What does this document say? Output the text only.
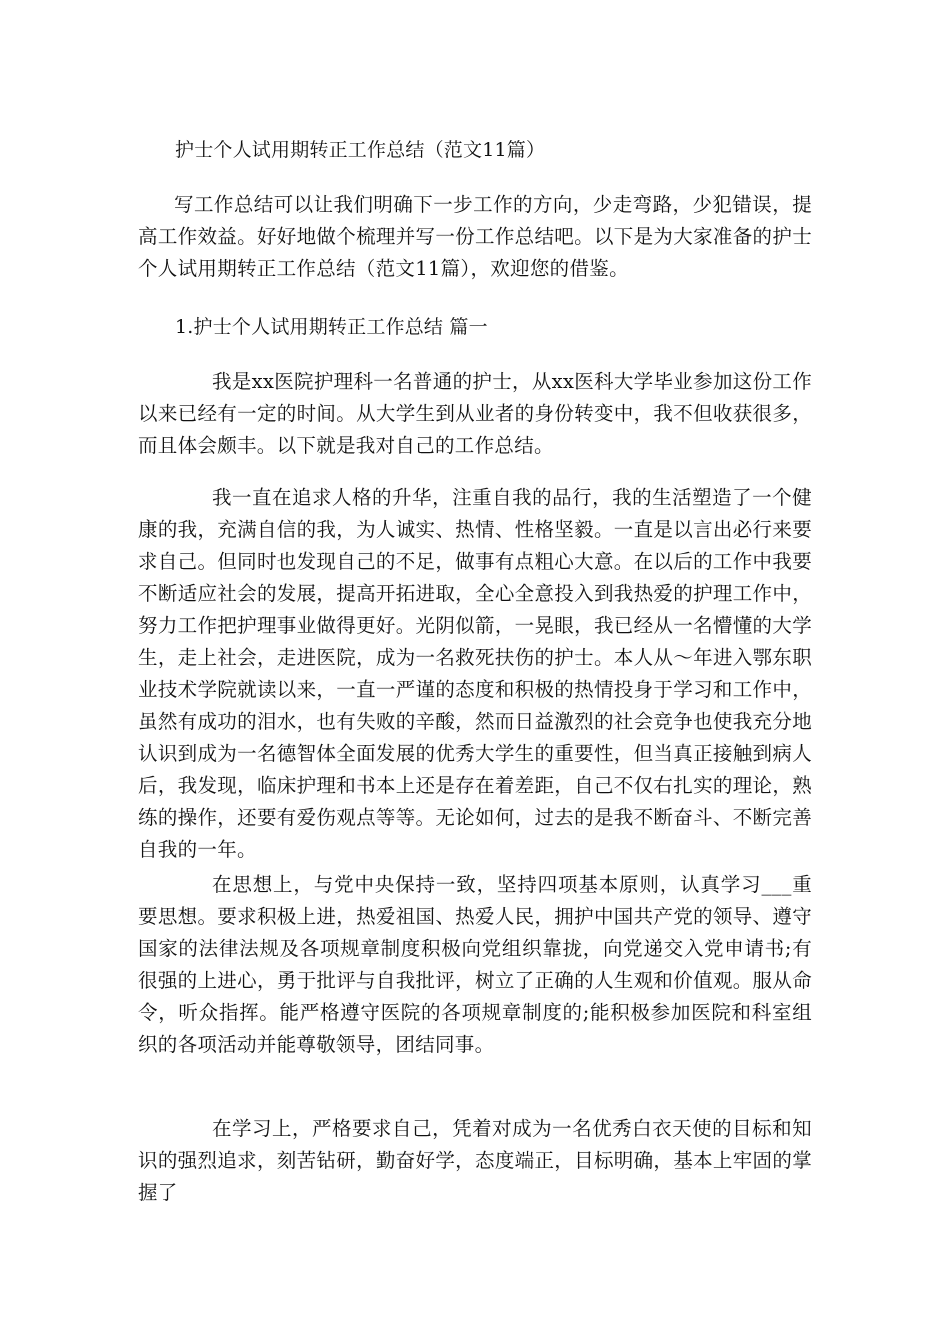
护士个人试用期转正工作总结（范文11篇）

写工作总结可以让我们明确下一步工作的方向，少走弯路，少犯错误，提高工作效益。好好地做个梳理并写一份工作总结吧。以下是为大家准备的护士个人试用期转正工作总结（范文11篇），欢迎您的借鉴。

1.护士个人试用期转正工作总结 篇一

我是xx医院护理科一名普通的护士，从xx医科大学毕业参加这份工作以来已经有一定的时间。从大学生到从业者的身份转变中，我不但收获很多，而且体会颇丰。以下就是我对自己的工作总结。

我一直在追求人格的升华，注重自我的品行，我的生活塑造了一个健康的我，充满自信的我，为人诚实、热情、性格坚毅。一直是以言出必行来要求自己。但同时也发现自己的不足，做事有点粗心大意。在以后的工作中我要不断适应社会的发展，提高开拓进取，全心全意投入到我热爱的护理工作中，努力工作把护理事业做得更好。光阴似箭，一晃眼，我已经从一名懵懂的大学生，走上社会，走进医院，成为一名救死扶伤的护士。本人从～年进入鄂东职业技术学院就读以来，一直一严谨的态度和积极的热情投身于学习和工作中，虽然有成功的泪水，也有失败的辛酸，然而日益激烈的社会竞争也使我充分地认识到成为一名德智体全面发展的优秀大学生的重要性，但当真正接触到病人后，我发现，临床护理和书本上还是存在着差距，自己不仅右扎实的理论，熟练的操作，还要有爱伤观点等等。无论如何，过去的是我不断奋斗、不断完善自我的一年。

在思想上，与党中央保持一致，坚持四项基本原则，认真学习___重要思想。要求积极上进，热爱祖国、热爱人民，拥护中国共产党的领导、遵守国家的法律法规及各项规章制度积极向党组织靠拢，向党递交入党申请书;有很强的上进心，勇于批评与自我批评，树立了正确的人生观和价值观。服从命令，听众指挥。能严格遵守医院的各项规章制度的;能积极参加医院和科室组织的各项活动并能尊敬领导，团结同事。

在学习上，严格要求自己，凭着对成为一名优秀白衣天使的目标和知识的强烈追求，刻苦钻研，勤奋好学，态度端正，目标明确，基本上牢固的掌握了
